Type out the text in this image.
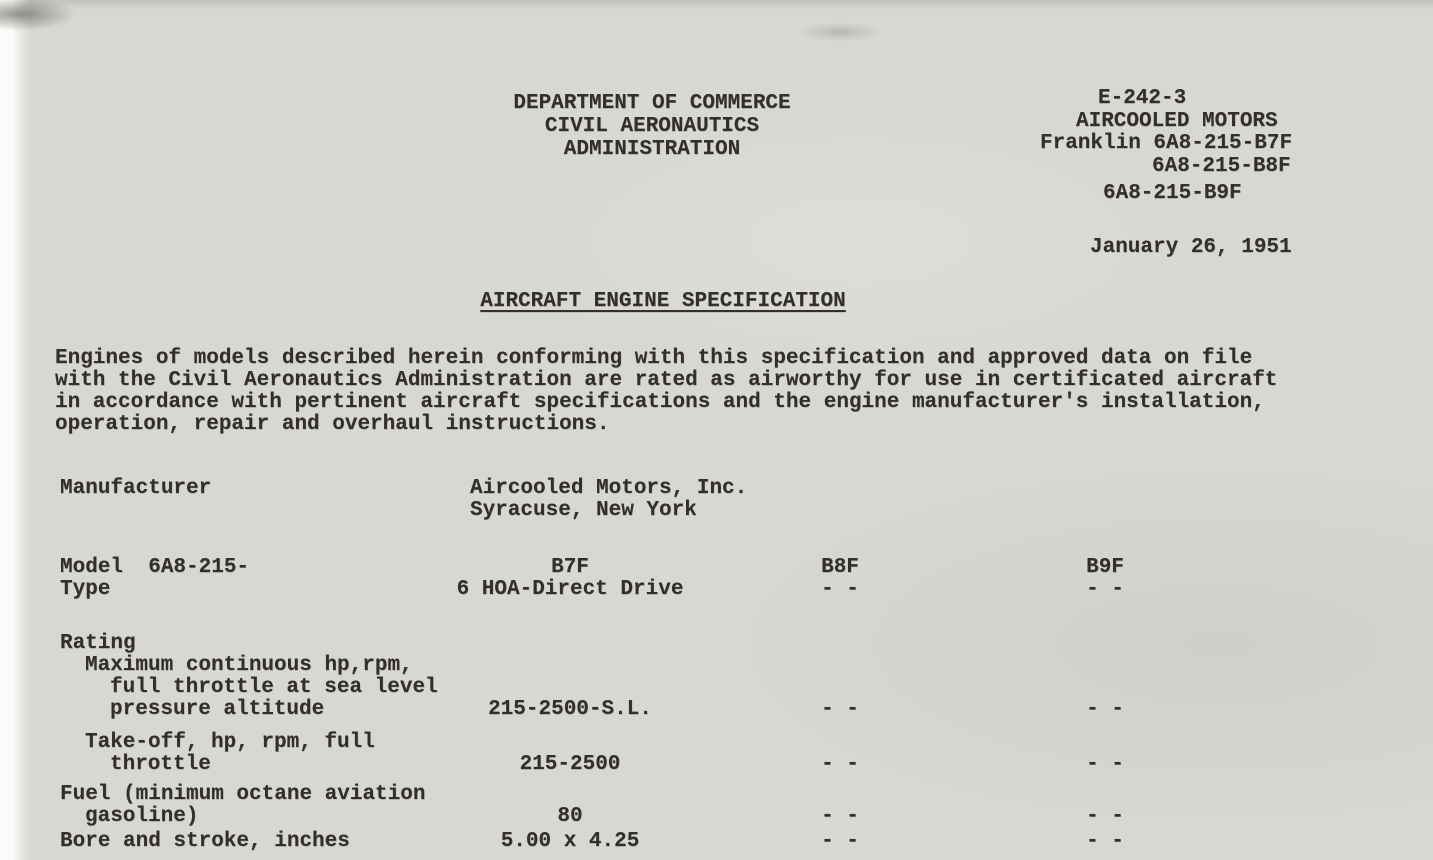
DEPARTMENT OF COMMERCE
CIVIL AERONAUTICS ADMINISTRATION
E-242-3
AIRCOOLED MOTORS
Franklin 6A8-215-B7F
6A8-215-B8F
6A8-215-B9F
January 26, 1951
AIRCRAFT ENGINE SPECIFICATION
Engines of models described herein conforming with this specification and approved data on file with the Civil Aeronautics Administration are rated as airworthy for use in certificated aircraft in accordance with pertinent aircraft specifications and the engine manufacturer's installation, operation, repair and overhaul instructions.
Manufacturer	Aircooled Motors, Inc.
Syracuse, New York
Model  6A8-215-	B7F	B8F	B9F
Type	6 HOA-Direct Drive	- -	- -
Rating
Maximum continuous hp,rpm,
full throttle at sea level
pressure altitude	215-2500-S.L.	- -	- -
Take-off, hp, rpm, full
throttle	215-2500	- -	- -
Fuel (minimum octane aviation
gasoline)	80	- -	- -
Bore and stroke, inches	5.00 x 4.25	- -	- -
